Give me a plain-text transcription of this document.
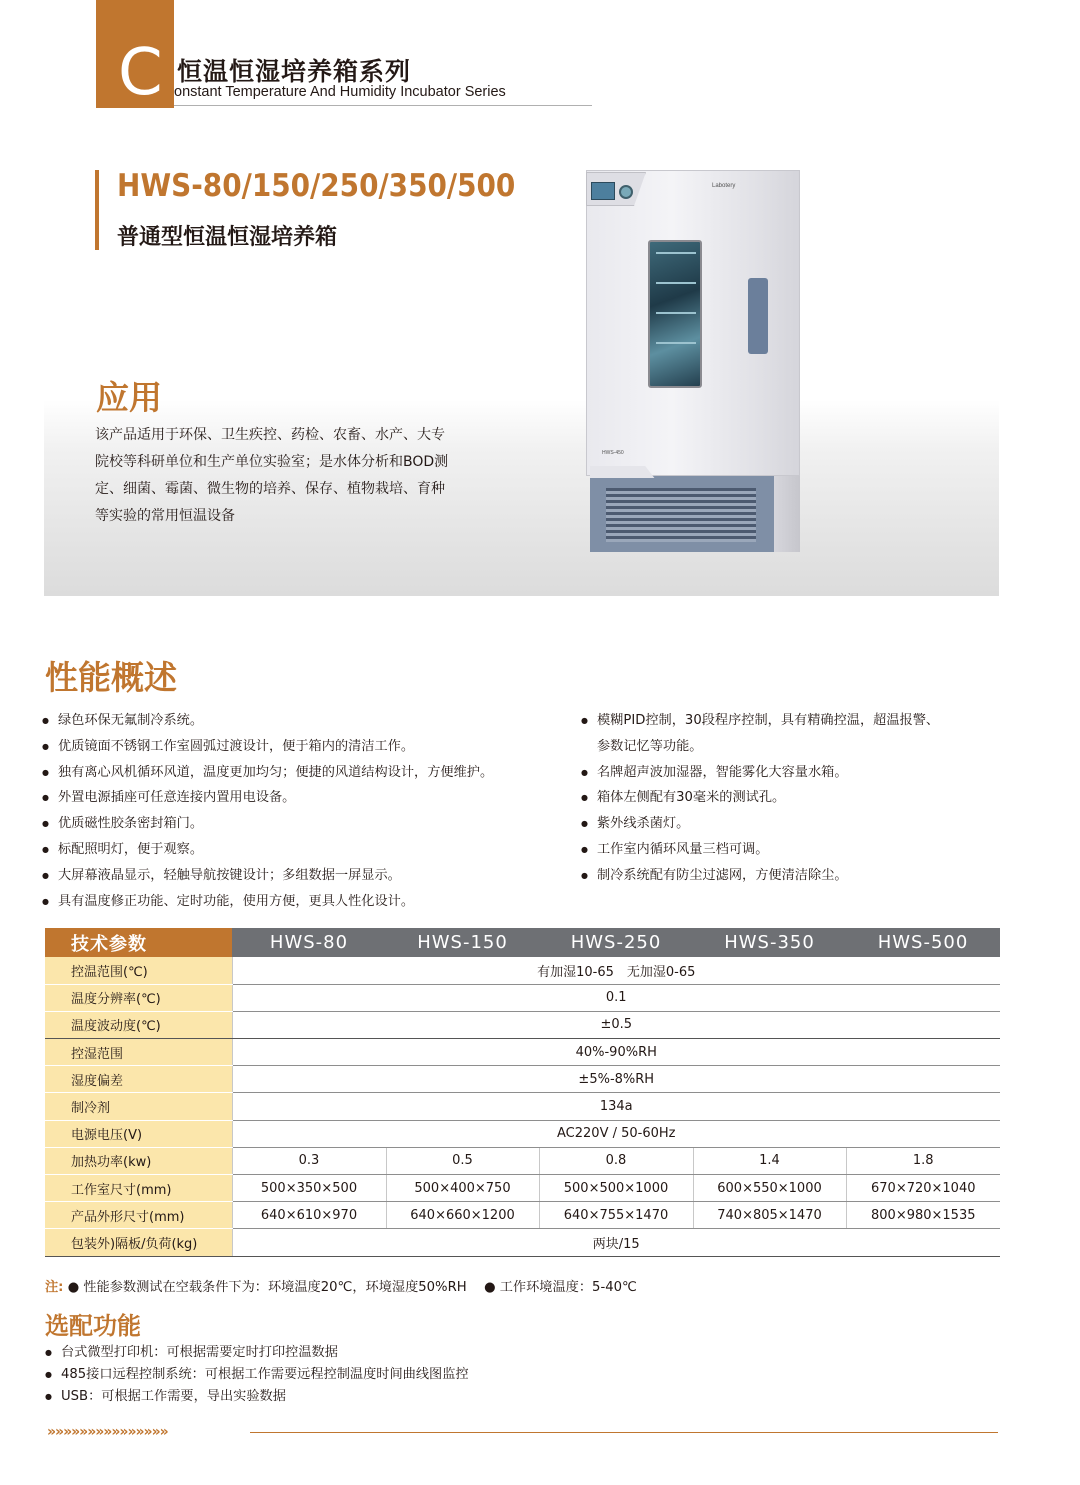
C 恒温恒湿培养箱系列
onstant Temperature And Humidity Incubator Series
HWS-80/150/250/350/500
普通型恒温恒湿培养箱
应用
该产品适用于环保、卫生疾控、药检、农畜、水产、大专
院校等科研单位和生产单位实验室；是水体分析和BOD测
定、细菌、霉菌、微生物的培养、保存、植物栽培、育种
等实验的常用恒温设备
Labotery
HWS-450
性能概述
● 绿色环保无氟制冷系统。
● 优质镜面不锈钢工作室圆弧过渡设计，便于箱内的清洁工作。
● 独有离心风机循环风道，温度更加均匀；便捷的风道结构设计，方便维护。
● 外置电源插座可任意连接内置用电设备。
● 优质磁性胶条密封箱门。
● 标配照明灯，便于观察。
● 大屏幕液晶显示，轻触导航按键设计；多组数据一屏显示。
● 具有温度修正功能、定时功能，使用方便，更具人性化设计。
● 模糊PID控制，30段程序控制，具有精确控温，超温报警、
参数记忆等功能。
● 名牌超声波加湿器，智能雾化大容量水箱。
● 箱体左侧配有30毫米的测试孔。
● 紫外线杀菌灯。
● 工作室内循环风量三档可调。
● 制冷系统配有防尘过滤网，方便清洁除尘。
技术参数	HWS-80	HWS-150	HWS-250	HWS-350	HWS-500
控温范围(℃)	有加湿10-65　无加湿0-65				
温度分辨率(℃)	0.1				
温度波动度(℃)	±0.5				
控湿范围	40%-90%RH				
湿度偏差	±5%-8%RH				
制冷剂	134a				
电源电压(V)	AC220V / 50-60Hz				
加热功率(kw)	0.3	0.5	0.8	1.4	1.8
工作室尺寸(mm)	500×350×500	500×400×750	500×500×1000	600×550×1000	670×720×1040
产品外形尺寸(mm)	640×610×970	640×660×1200	640×755×1470	740×805×1470	800×980×1535
包装外)隔板/负荷(kg)	两块/15				
注: ● 性能参数测试在空载条件下为：环境温度20℃，环境湿度50%RH　 ● 工作环境温度：5-40℃
选配功能
● 台式微型打印机：可根据需要定时打印控温数据
● 485接口远程控制系统：可根据工作需要远程控制温度时间曲线图监控
● USB：可根据工作需要，导出实验数据
»»»»»»»»»»»»»»»
